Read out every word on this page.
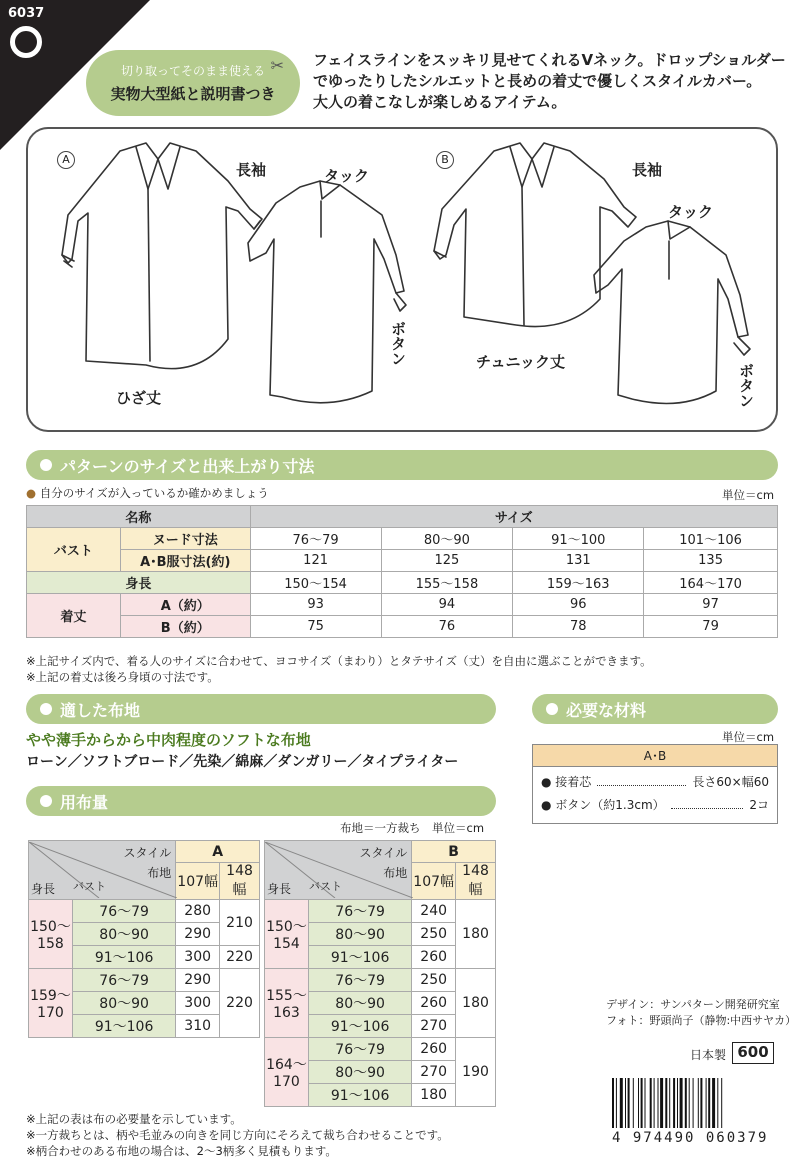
6037
切り取ってそのまま使える
実物大型紙と説明書つき
✂ フェイスラインをスッキリ見せてくれるVネック。ドロップショルダー
でゆったりしたシルエットと長めの着丈で優しくスタイルカバー。
大人の着こなしが楽しめるアイテム。
A	B
長袖	タック
ボタン
ひざ丈
長袖
タック
ボタン
チュニック丈
パターンのサイズと出来上がり寸法
● 自分のサイズが入っているか確かめましょう	単位＝cm
名称		サイズ			
バスト	ヌード寸法	76〜79	80〜90	91〜100	101〜106
	A･B服寸法(約)	121	125	131	135
身長		150〜154	155〜158	159〜163	164〜170
着丈	A（約）	93	94	96	97
	B（約）	75	76	78	79
※上記サイズ内で、着る人のサイズに合わせて、ヨコサイズ（まわり）とタテサイズ（丈）を自由に選ぶことができます。
※上記の着丈は後ろ身頃の寸法です。
適した布地
やや薄手からから中肉程度のソフトな布地
ローン／ソフトブロード／先染／綿麻／ダンガリー／タイプライター
必要な材料
単位＝cm
A･B
● 接着芯	長さ60×幅60
● ボタン（約1.3cm）	2コ
用布量
布地＝一方裁ち　単位＝cm
スタイル
布地
バスト
身長		A	
		107幅	148幅
150〜158	76〜79	280	210
	80〜90	290	
	91〜106	300	220
159〜170	76〜79	290	220
	80〜90	300	
	91〜106	310	
スタイル
布地
バスト
身長		B	
		107幅	148幅
150〜154	76〜79	240	180
	80〜90	250	
	91〜106	260	
155〜163	76〜79	250	180
	80〜90	260	
	91〜106	270	
164〜170	76〜79	260	190
	80〜90	270	
	91〜106	180	
※上記の表は布の必要量を示しています。
※一方裁ちとは、柄や毛並みの向きを同じ方向にそろえて裁ち合わせることです。
※柄合わせのある布地の場合は、2〜3柄多く見積もります。
デザイン：サンパターン開発研究室
フォト：野頭尚子（静物:中西サヤカ）
日本製 600
4 974490 060379
